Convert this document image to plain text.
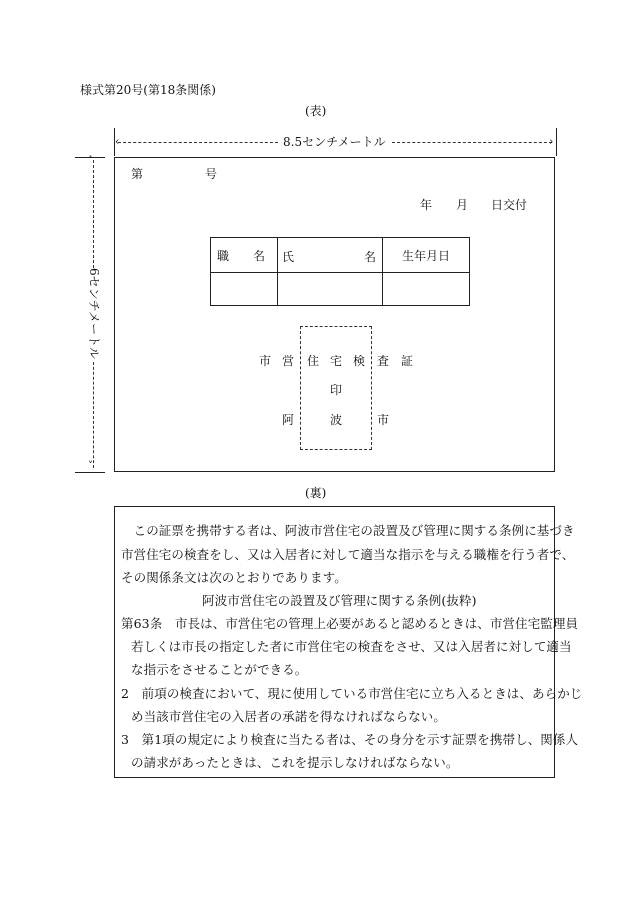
様式第20号(第18条関係)
(表)
‹	8.5センチメートル	›
˄
6センチメートル
˅
第	号
年 月 日交付
職　　名	氏 名	生年月日

市 営 住 宅 検 査 証
印
阿	波	市
(裏)
　この証票を携帯する者は、阿波市営住宅の設置及び管理に関する条例に基づき
市営住宅の検査をし、又は入居者に対して適当な指示を与える職権を行う者で、
その関係条文は次のとおりであります。
阿波市営住宅の設置及び管理に関する条例(抜粋)
第63条　市長は、市営住宅の管理上必要があると認めるときは、市営住宅監理員
若しくは市長の指定した者に市営住宅の検査をさせ、又は入居者に対して適当
な指示をさせることができる。
2　前項の検査において、現に使用している市営住宅に立ち入るときは、あらかじ
め当該市営住宅の入居者の承諾を得なければならない。
3　第1項の規定により検査に当たる者は、その身分を示す証票を携帯し、関係人
の請求があったときは、これを提示しなければならない。
